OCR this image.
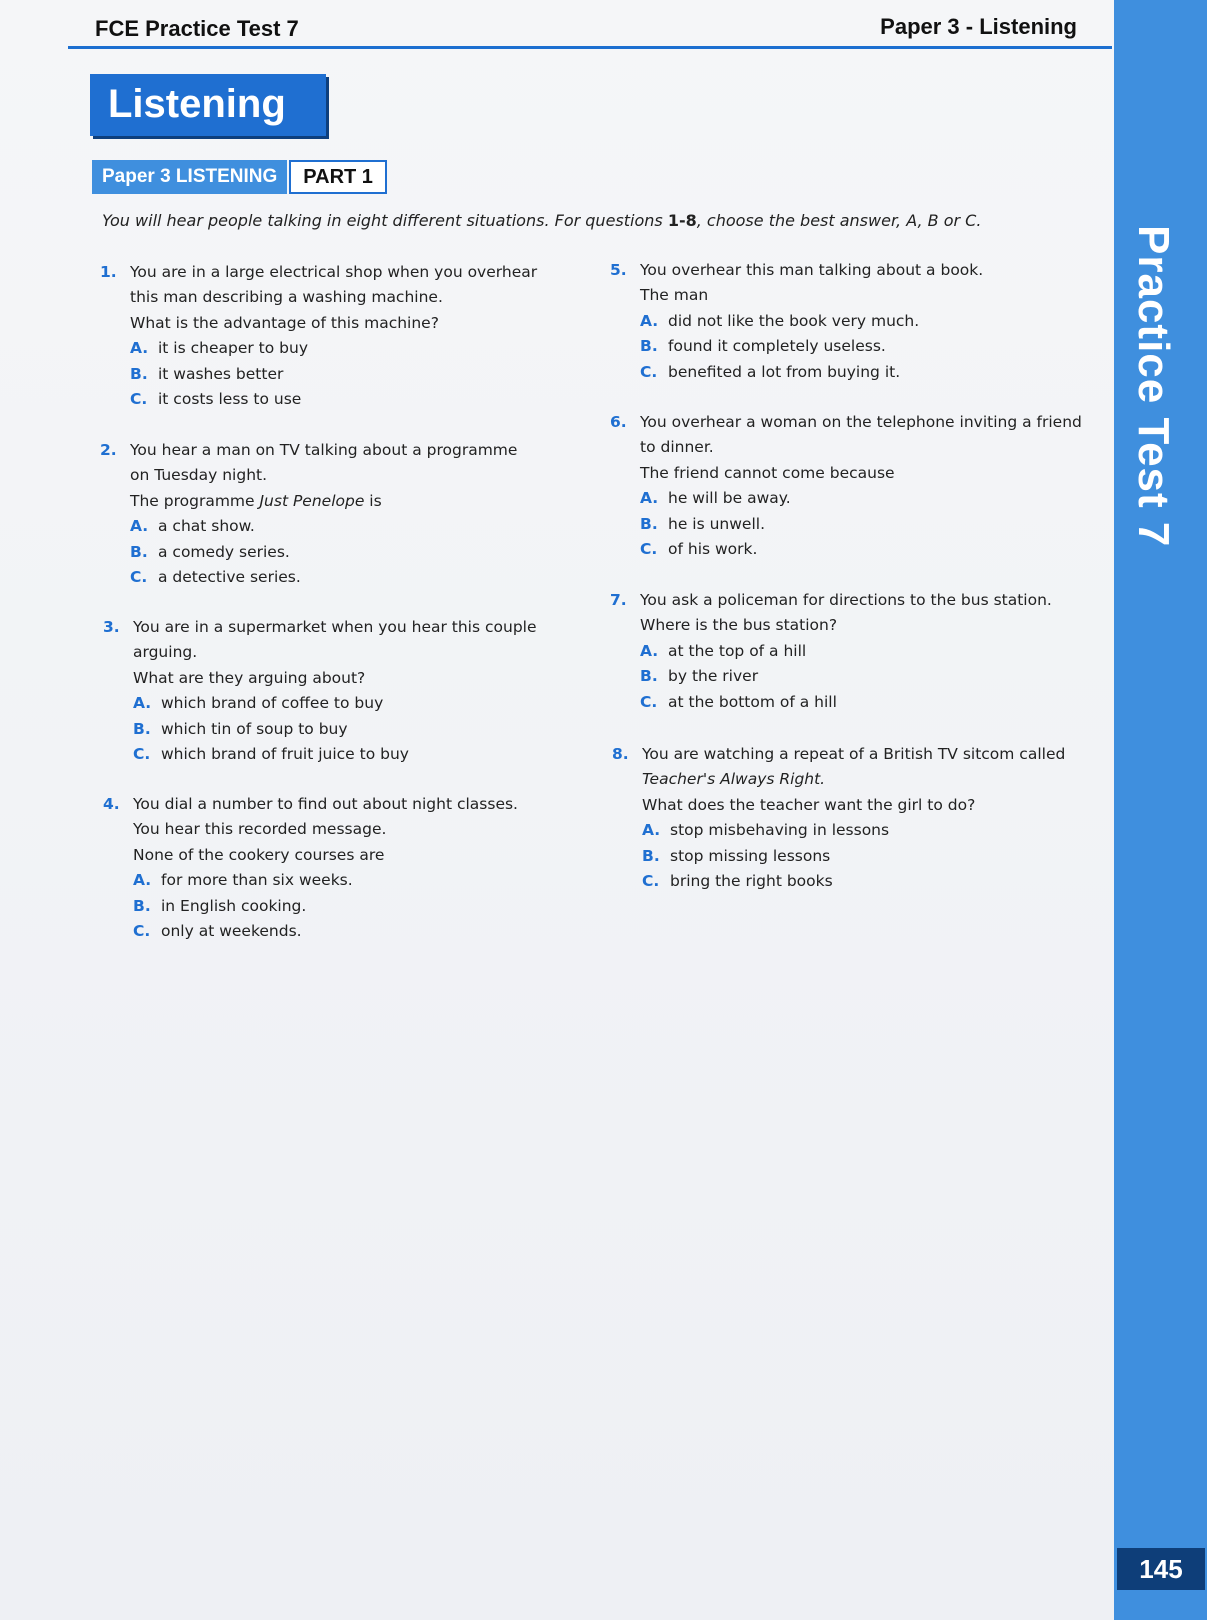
FCE Practice Test 7	Paper 3 - Listening
Practice Test 7
145
Listening
Paper 3 LISTENING	PART 1
You will hear people talking in eight different situations. For questions 1-8, choose the best answer, A, B or C.
1. You are in a large electrical shop when you overhear
this man describing a washing machine.
What is the advantage of this machine?
A. it is cheaper to buy
B. it washes better
C. it costs less to use
2. You hear a man on TV talking about a programme
on Tuesday night.
The programme Just Penelope is
A. a chat show.
B. a comedy series.
C. a detective series.
3. You are in a supermarket when you hear this couple
arguing.
What are they arguing about?
A. which brand of coffee to buy
B. which tin of soup to buy
C. which brand of fruit juice to buy
4. You dial a number to find out about night classes.
You hear this recorded message.
None of the cookery courses are
A. for more than six weeks.
B. in English cooking.
C. only at weekends.
5. You overhear this man talking about a book.
The man
A. did not like the book very much.
B. found it completely useless.
C. benefited a lot from buying it.
6. You overhear a woman on the telephone inviting a friend
to dinner.
The friend cannot come because
A. he will be away.
B. he is unwell.
C. of his work.
7. You ask a policeman for directions to the bus station.
Where is the bus station?
A. at the top of a hill
B. by the river
C. at the bottom of a hill
8. You are watching a repeat of a British TV sitcom called
Teacher's Always Right.
What does the teacher want the girl to do?
A. stop misbehaving in lessons
B. stop missing lessons
C. bring the right books
